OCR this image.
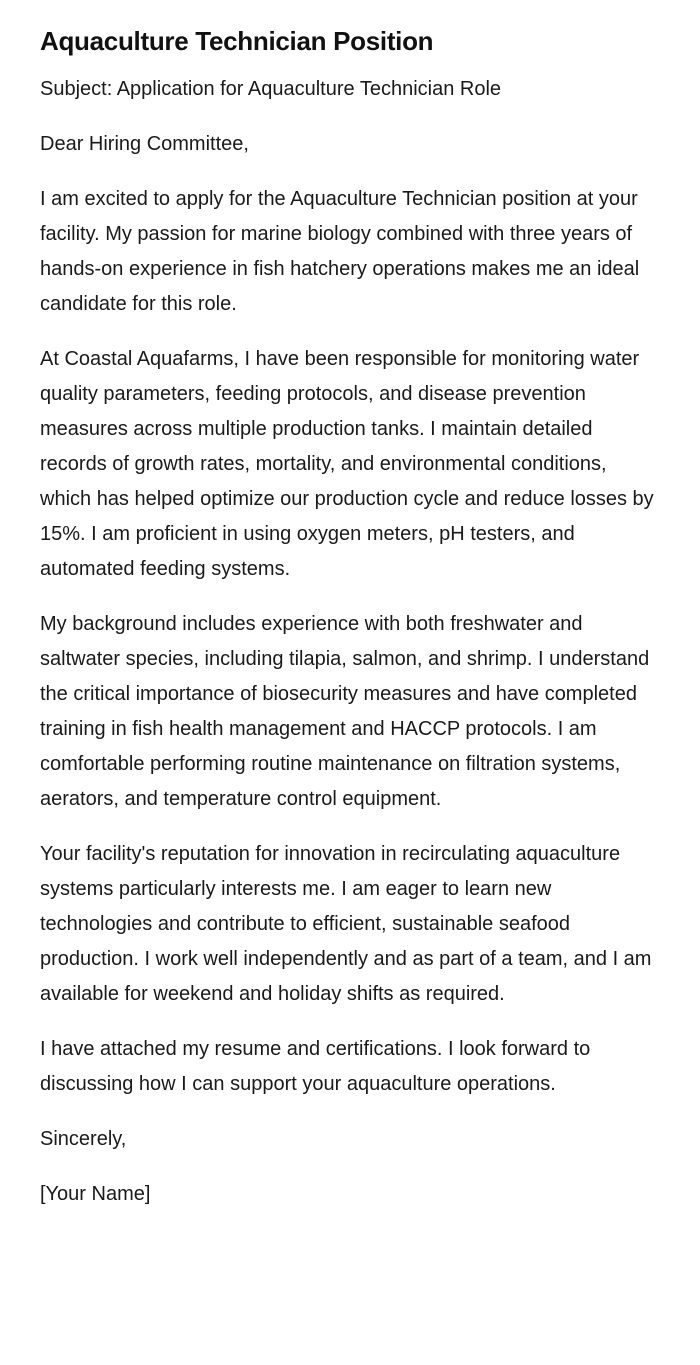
Aquaculture Technician Position

Subject: Application for Aquaculture Technician Role

Dear Hiring Committee,

I am excited to apply for the Aquaculture Technician position at your facility. My passion for marine biology combined with three years of hands-on experience in fish hatchery operations makes me an ideal candidate for this role.

At Coastal Aquafarms, I have been responsible for monitoring water quality parameters, feeding protocols, and disease prevention measures across multiple production tanks. I maintain detailed records of growth rates, mortality, and environmental conditions, which has helped optimize our production cycle and reduce losses by 15%. I am proficient in using oxygen meters, pH testers, and automated feeding systems.

My background includes experience with both freshwater and saltwater species, including tilapia, salmon, and shrimp. I understand the critical importance of biosecurity measures and have completed training in fish health management and HACCP protocols. I am comfortable performing routine maintenance on filtration systems, aerators, and temperature control equipment.

Your facility's reputation for innovation in recirculating aquaculture systems particularly interests me. I am eager to learn new technologies and contribute to efficient, sustainable seafood production. I work well independently and as part of a team, and I am available for weekend and holiday shifts as required.

I have attached my resume and certifications. I look forward to discussing how I can support your aquaculture operations.

Sincerely,

[Your Name]
